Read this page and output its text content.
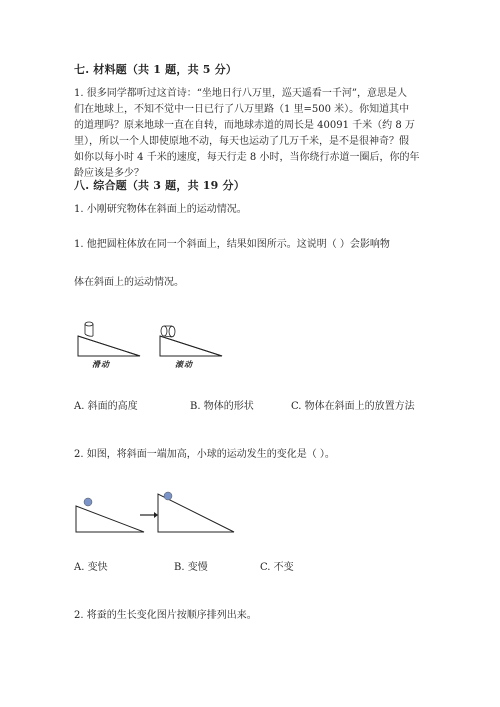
七. 材料题（共 1 题，共 5 分）
1. 很多同学都听过这首诗：“坐地日行八万里，巡天遥看一千河”，意思是人
们在地球上，不知不觉中一日已行了八万里路（1 里=500 米）。你知道其中
的道理吗？原来地球一直在自转，而地球赤道的周长是 40091 千米（约 8 万
里），所以一个人即使原地不动，每天也运动了几万千米，是不是很神奇？假
如你以每小时 4 千米的速度，每天行走 8 小时，当你绕行赤道一圈后，你的年
龄应该是多少？
八. 综合题（共 3 题，共 19 分）
1. 小刚研究物体在斜面上的运动情况。
1. 他把圆柱体放在同一个斜面上，结果如图所示。这说明（ ）会影响物
体在斜面上的运动情况。
滑动	滚动
A. 斜面的高度	B. 物体的形状	C. 物体在斜面上的放置方法
2. 如图，将斜面一端加高，小球的运动发生的变化是（ ）。
A. 变快	B. 变慢	C. 不变
2. 将蚕的生长变化图片按顺序排列出来。
